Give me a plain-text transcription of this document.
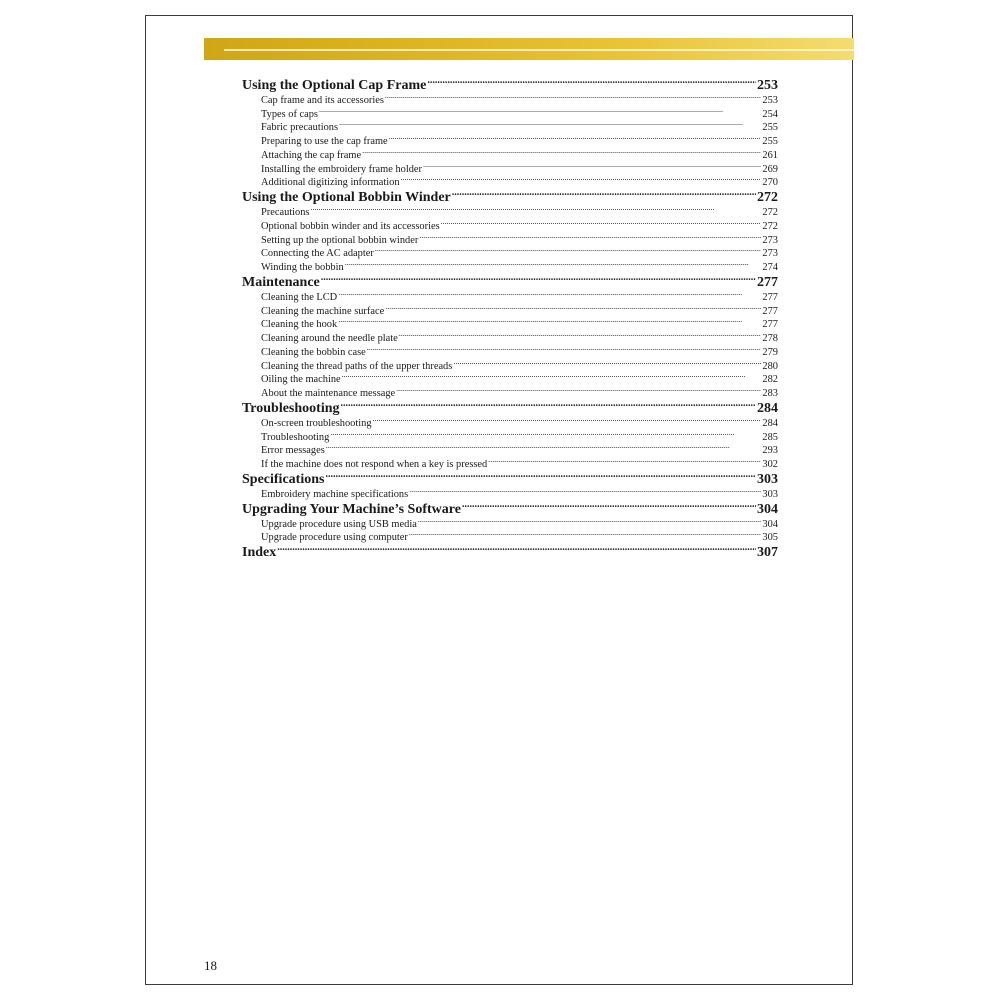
Using the Optional Cap Frame .....	253
Cap frame and its accessories .....	253
Types of caps .....	254
Fabric precautions .....	255
Preparing to use the cap frame .....	255
Attaching the cap frame .....	261
Installing the embroidery frame holder .....	269
Additional digitizing information .....	270
Using the Optional Bobbin Winder .....	272
Precautions .....	272
Optional bobbin winder and its accessories .....	272
Setting up the optional bobbin winder .....	273
Connecting the AC adapter .....	273
Winding the bobbin .....	274
Maintenance .....	277
Cleaning the LCD .....	277
Cleaning the machine surface .....	277
Cleaning the hook .....	277
Cleaning around the needle plate .....	278
Cleaning the bobbin case .....	279
Cleaning the thread paths of the upper threads .....	280
Oiling the machine .....	282
About the maintenance message .....	283
Troubleshooting .....	284
On-screen troubleshooting .....	284
Troubleshooting .....	285
Error messages .....	293
If the machine does not respond when a key is pressed .....	302
Specifications .....	303
Embroidery machine specifications .....	303
Upgrading Your Machine’s Software .....	304
Upgrade procedure using USB media .....	304
Upgrade procedure using computer .....	305
Index .....	307
18
